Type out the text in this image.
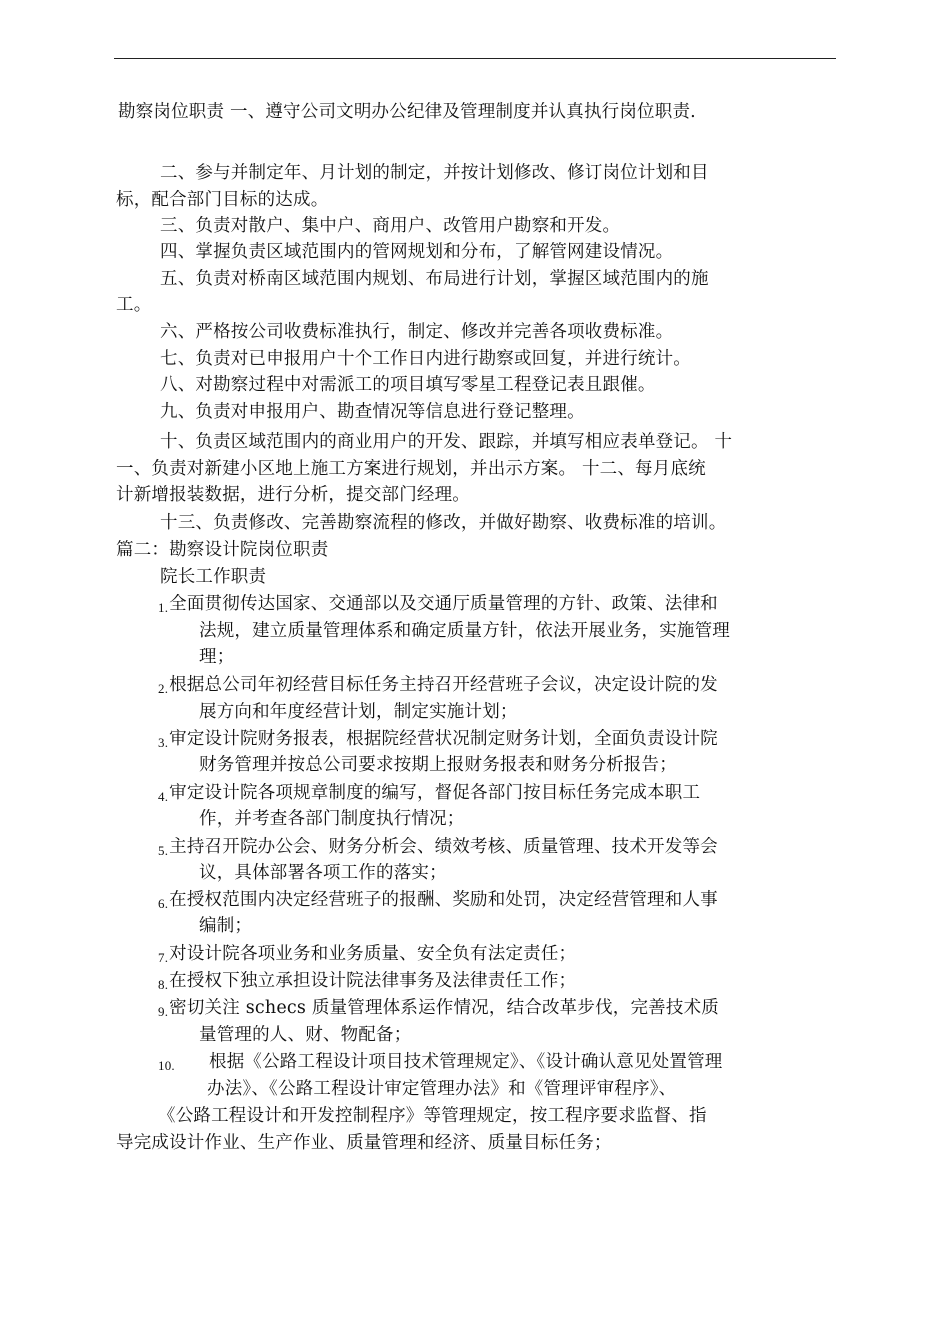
勘察岗位职责 一、遵守公司文明办公纪律及管理制度并认真执行岗位职责.
二、参与并制定年、月计划的制定，并按计划修改、修订岗位计划和目
标，配合部门目标的达成。
三、负责对散户、集中户、商用户、改管用户勘察和开发。
四、掌握负责区域范围内的管网规划和分布，了解管网建设情况。
五、负责对桥南区域范围内规划、布局进行计划，掌握区域范围内的施
工。
六、严格按公司收费标准执行，制定、修改并完善各项收费标准。
七、负责对已申报用户十个工作日内进行勘察或回复，并进行统计。
八、对勘察过程中对需派工的项目填写零星工程登记表且跟催。
九、负责对申报用户、勘查情况等信息进行登记整理。
十、负责区域范围内的商业用户的开发、跟踪，并填写相应表单登记。 十
一、负责对新建小区地上施工方案进行规划，并出示方案。 十二、每月底统
计新增报装数据，进行分析，提交部门经理。
十三、负责修改、完善勘察流程的修改，并做好勘察、收费标准的培训。
篇二：勘察设计院岗位职责
院长工作职责
1.全面贯彻传达国家、交通部以及交通厅质量管理的方针、政策、法律和
法规，建立质量管理体系和确定质量方针，依法开展业务，实施管理
理；
2.根据总公司年初经营目标任务主持召开经营班子会议，决定设计院的发
展方向和年度经营计划，制定实施计划；
3.审定设计院财务报表，根据院经营状况制定财务计划，全面负责设计院
财务管理并按总公司要求按期上报财务报表和财务分析报告；
4.审定设计院各项规章制度的编写，督促各部门按目标任务完成本职工
作，并考查各部门制度执行情况；
5.主持召开院办公会、财务分析会、绩效考核、质量管理、技术开发等会
议，具体部署各项工作的落实；
6.在授权范围内决定经营班子的报酬、奖励和处罚，决定经营管理和人事
编制；
7.对设计院各项业务和业务质量、安全负有法定责任；
8.在授权下独立承担设计院法律事务及法律责任工作；
9.密切关注 schecs 质量管理体系运作情况，结合改革步伐，完善技术质
量管理的人、财、物配备；
10. 根据《公路工程设计项目技术管理规定》、《设计确认意见处置管理
办法》、《公路工程设计审定管理办法》和《管理评审程序》、
《公路工程设计和开发控制程序》等管理规定，按工程序要求监督、指
导完成设计作业、生产作业、质量管理和经济、质量目标任务；
